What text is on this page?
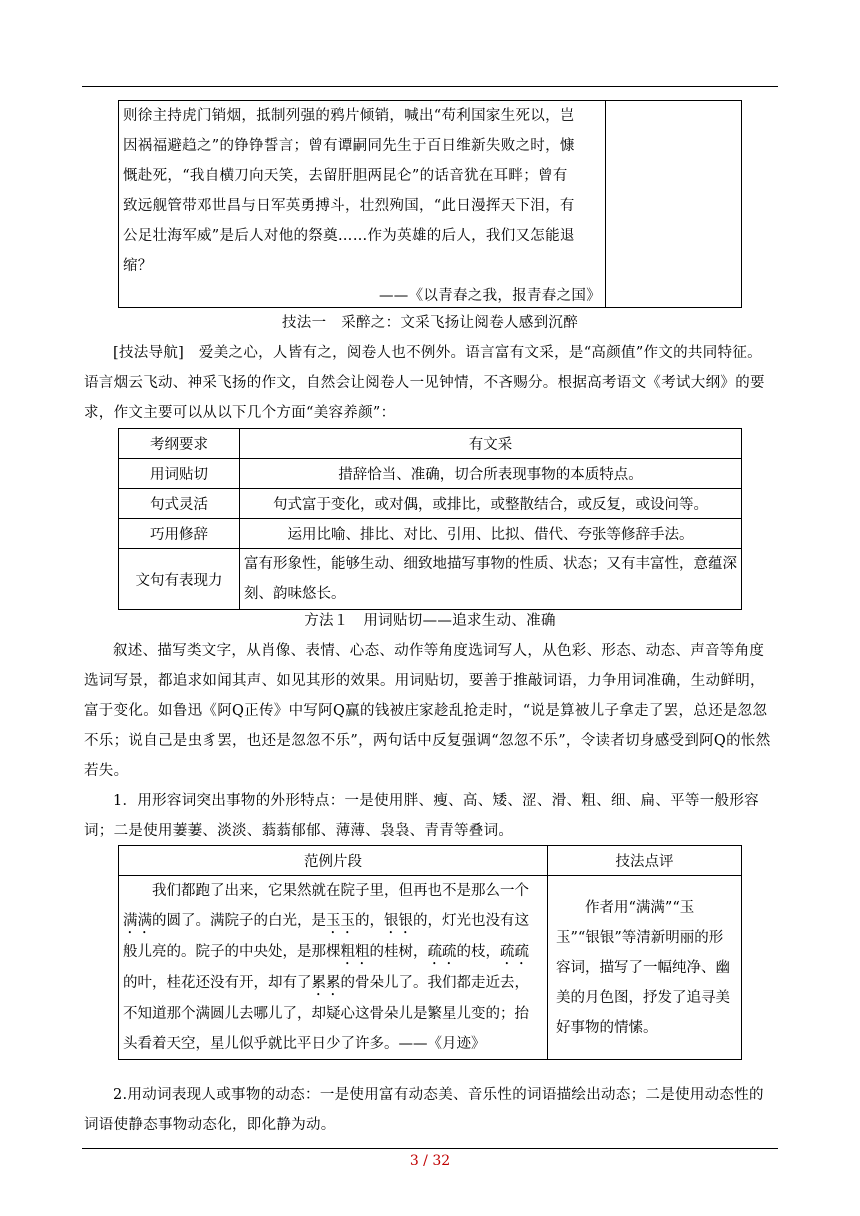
则徐主持虎门销烟，抵制列强的鸦片倾销，喊出“苟利国家生死以，岂
因祸福避趋之”的铮铮誓言；曾有谭嗣同先生于百日维新失败之时，慷
慨赴死，“我自横刀向天笑，去留肝胆两昆仑”的话音犹在耳畔；曾有
致远舰管带邓世昌与日军英勇搏斗，壮烈殉国，“此日漫挥天下泪，有
公足壮海军威”是后人对他的祭奠……作为英雄的后人，我们又怎能退
缩？
——《以青春之我，报青春之国》
技法一　采醉之：文采飞扬让阅卷人感到沉醉
[技法导航]　爱美之心，人皆有之，阅卷人也不例外。语言富有文采，是“高颜值”作文的共同特征。语言烟云飞动、神采飞扬的作文，自然会让阅卷人一见钟情，不吝赐分。根据高考语文《考试大纲》的要求，作文主要可以从以下几个方面“美容养颜”：
考纲要求	有文采
用词贴切	措辞恰当、准确，切合所表现事物的本质特点。
句式灵活	句式富于变化，或对偶，或排比，或整散结合，或反复，或设问等。
巧用修辞	运用比喻、排比、对比、引用、比拟、借代、夸张等修辞手法。
文句有表现力	富有形象性，能够生动、细致地描写事物的性质、状态；又有丰富性，意蕴深刻、韵味悠长。
方法１　用词贴切——追求生动、准确
叙述、描写类文字，从肖像、表情、心态、动作等角度选词写人，从色彩、形态、动态、声音等角度选词写景，都追求如闻其声、如见其形的效果。用词贴切，要善于推敲词语，力争用词准确，生动鲜明，富于变化。如鲁迅《阿Q正传》中写阿Q赢的钱被庄家趁乱抢走时，“说是算被儿子拿走了罢，总还是忽忽不乐；说自己是虫豸罢，也还是忽忽不乐”，两句话中反复强调“忽忽不乐”，令读者切身感受到阿Q的怅然若失。
1．用形容词突出事物的外形特点：一是使用胖、瘦、高、矮、涩、滑、粗、细、扁、平等一般形容词；二是使用萋萋、淡淡、蓊蓊郁郁、薄薄、袅袅、青青等叠词。
范例片段	技法点评
我们都跑了出来，它果然就在院子里，但再也不是那么一个满满的圆了。满院子的白光，是玉玉的，银银的，灯光也没有这般儿亮的。院子的中央处，是那棵粗粗的桂树，疏疏的枝，疏疏的叶，桂花还没有开，却有了累累的骨朵儿了。我们都走近去，不知道那个满圆儿去哪儿了，却疑心这骨朵儿是繁星儿变的；抬头看着天空，星儿似乎就比平日少了许多。——《月迹》	作者用“满满”“玉玉”“银银”等清新明丽的形容词，描写了一幅纯净、幽美的月色图，抒发了追寻美好事物的情愫。
2.用动词表现人或事物的动态：一是使用富有动态美、音乐性的词语描绘出动态；二是使用动态性的词语使静态事物动态化，即化静为动。
3 / 32
